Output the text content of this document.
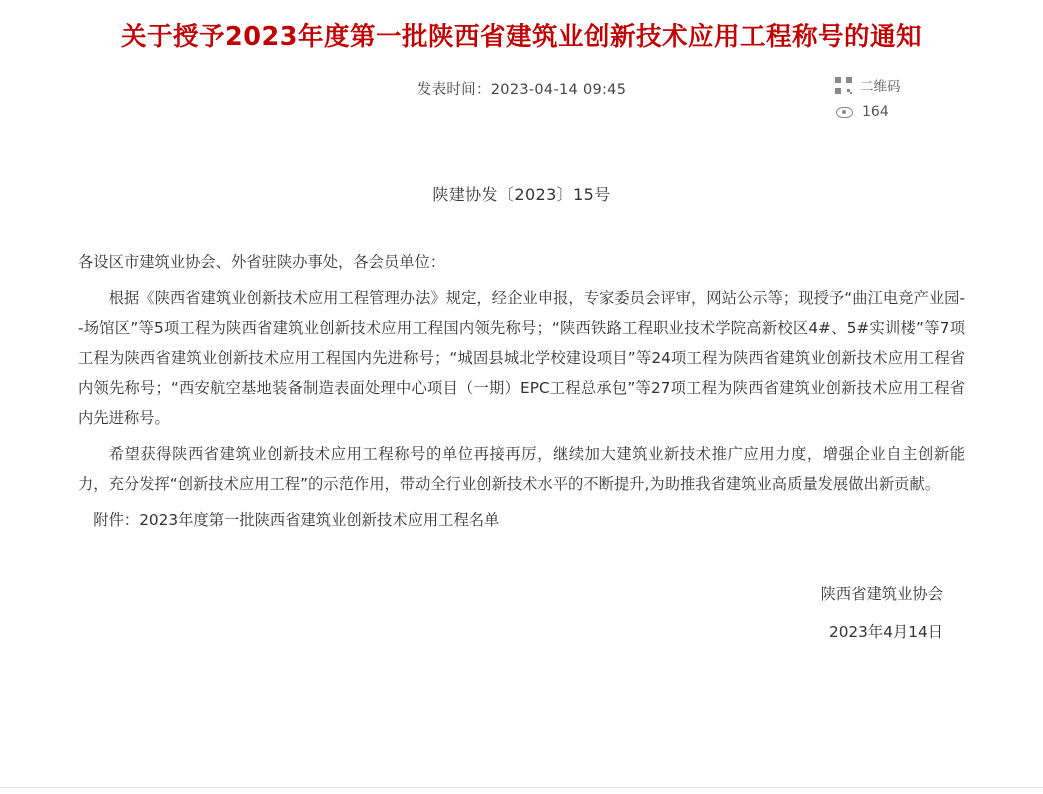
关于授予2023年度第一批陕西省建筑业创新技术应用工程称号的通知
发表时间：2023-04-14 09:45	二维码
164
陕建协发〔2023〕15号

各设区市建筑业协会、外省驻陕办事处，各会员单位：

根据《陕西省建筑业创新技术应用工程管理办法》规定，经企业申报，专家委员会评审，网站公示等；现授予“曲江电竞产业园--场馆区”等5项工程为陕西省建筑业创新技术应用工程国内领先称号；“陕西铁路工程职业技术学院高新校区4#、5#实训楼”等7项工程为陕西省建筑业创新技术应用工程国内先进称号；“城固县城北学校建设项目”等24项工程为陕西省建筑业创新技术应用工程省内领先称号；“西安航空基地装备制造表面处理中心项目（一期）EPC工程总承包”等27项工程为陕西省建筑业创新技术应用工程省内先进称号。

希望获得陕西省建筑业创新技术应用工程称号的单位再接再厉，继续加大建筑业新技术推广应用力度，增强企业自主创新能力，充分发挥“创新技术应用工程”的示范作用，带动全行业创新技术水平的不断提升,为助推我省建筑业高质量发展做出新贡献。

附件：2023年度第一批陕西省建筑业创新技术应用工程名单

陕西省建筑业协会
2023年4月14日
